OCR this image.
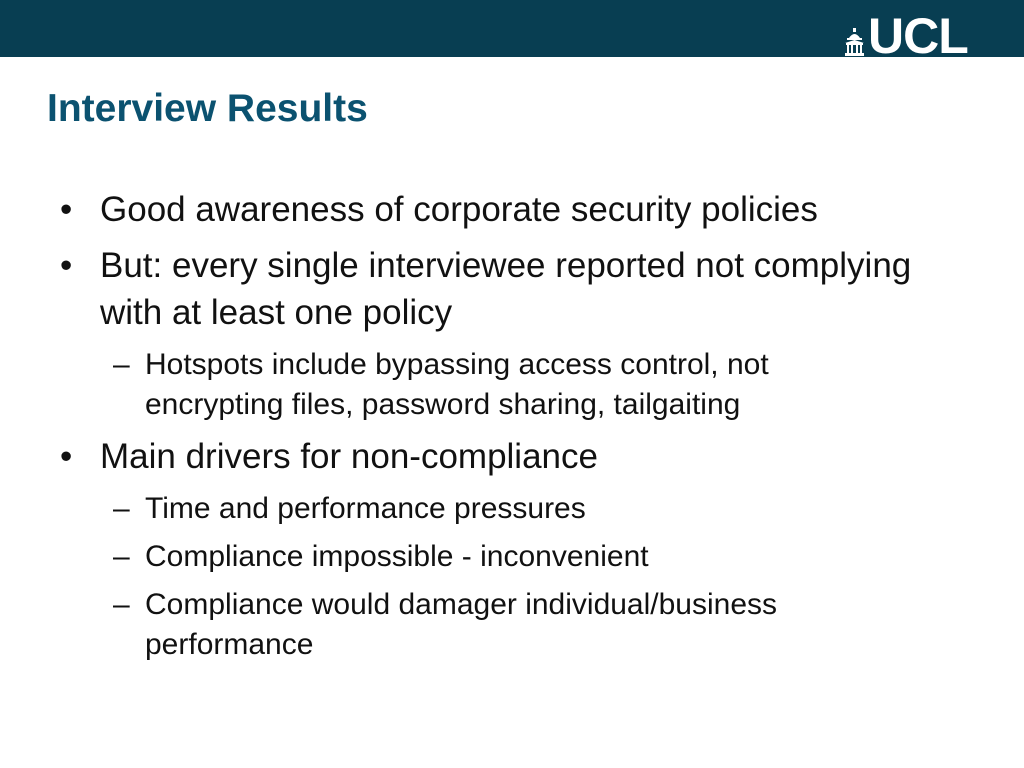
UCL
Interview Results
• Good awareness of corporate security policies
• But: every single interviewee reported not complying with at least one policy
– Hotspots include bypassing access control, not encrypting files, password sharing, tailgaiting
• Main drivers for non-compliance
– Time and performance pressures
– Compliance impossible - inconvenient
– Compliance would damager individual/business performance
